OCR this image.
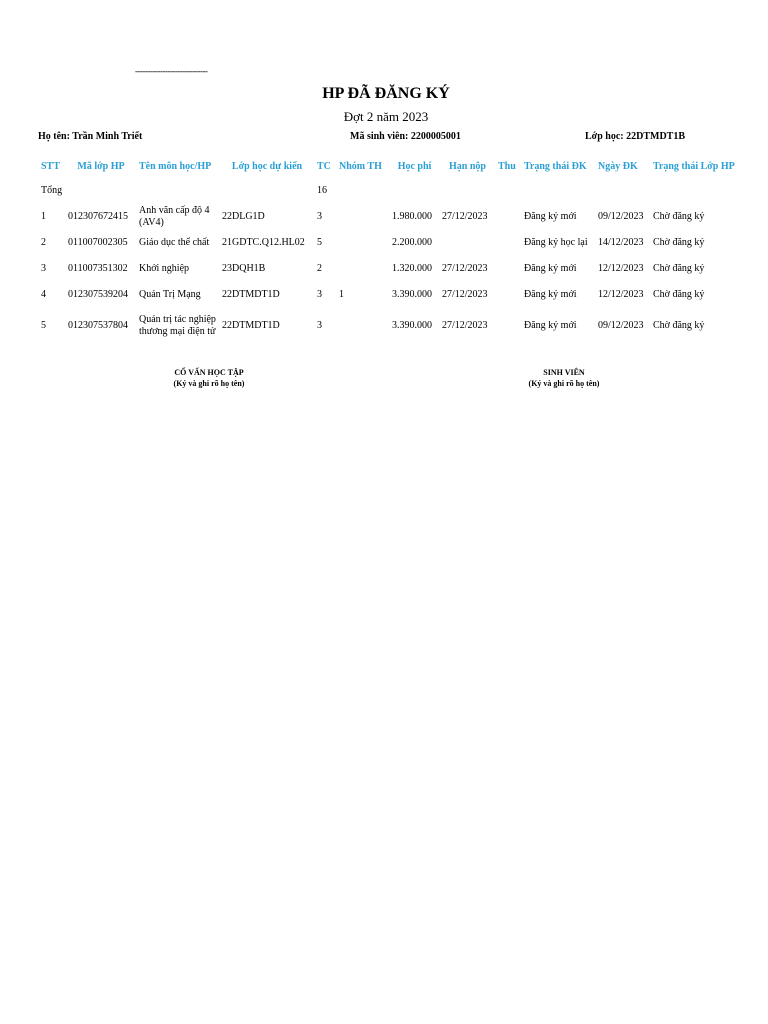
-----------------------------
HP ĐÃ ĐĂNG KÝ
Đợt 2 năm 2023
Họ tên: Trần Minh Triết	Mã sinh viên: 2200005001	Lớp học: 22DTMDT1B
STT	Mã lớp HP	Tên môn học/HP	Lớp học dự kiến	TC	Nhóm TH	Học phí	Hạn nộp	Thu	Trạng thái ĐK	Ngày ĐK	Trạng thái Lớp HP
Tổng				16							
1	012307672415	Anh văn cấp độ 4 (AV4)	22DLG1D	3		1.980.000	27/12/2023		Đăng ký mới	09/12/2023	Chờ đăng ký
2	011007002305	Giáo dục thể chất	21GDTC.Q12.HL02	5		2.200.000			Đăng ký học lại	14/12/2023	Chờ đăng ký
3	011007351302	Khởi nghiệp	23DQH1B	2		1.320.000	27/12/2023		Đăng ký mới	12/12/2023	Chờ đăng ký
4	012307539204	Quản Trị Mạng	22DTMDT1D	3	1	3.390.000	27/12/2023		Đăng ký mới	12/12/2023	Chờ đăng ký
5	012307537804	Quản trị tác nghiệp thương mại điện tử	22DTMDT1D	3		3.390.000	27/12/2023		Đăng ký mới	09/12/2023	Chờ đăng ký
CỐ VẤN HỌC TẬP
(Ký và ghi rõ họ tên)
SINH VIÊN
(Ký và ghi rõ họ tên)
